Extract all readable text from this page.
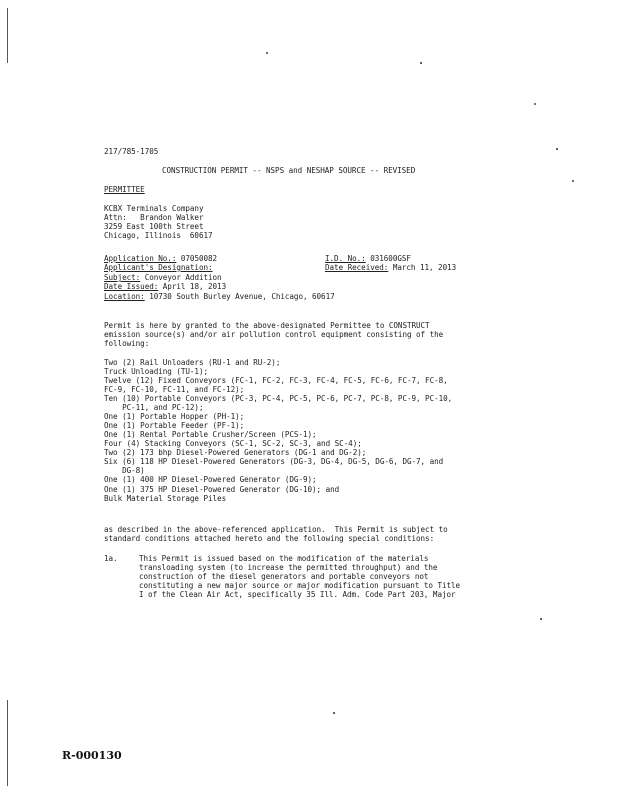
217/785-1705
CONSTRUCTION PERMIT -- NSPS and NESHAP SOURCE -- REVISED
PERMITTEE
KCBX Terminals Company
Attn:   Brandon Walker
3259 East 100th Street
Chicago, Illinois  60617
Application No.: 07050082	I.D. No.: 031600GSF
Applicant's Designation:	Date Received: March 11, 2013
Subject: Conveyor Addition
Date Issued: April 18, 2013
Location: 10730 South Burley Avenue, Chicago, 60617
Permit is here by granted to the above-designated Permittee to CONSTRUCT
emission source(s) and/or air pollution control equipment consisting of the
following:
Two (2) Rail Unloaders (RU-1 and RU-2);
Truck Unloading (TU-1);
Twelve (12) Fixed Conveyors (FC-1, FC-2, FC-3, FC-4, FC-5, FC-6, FC-7, FC-8,
FC-9, FC-10, FC-11, and FC-12);
Ten (10) Portable Conveyors (PC-3, PC-4, PC-5, PC-6, PC-7, PC-8, PC-9, PC-10,
PC-11, and PC-12);
One (1) Portable Hopper (PH-1);
One (1) Portable Feeder (PF-1);
One (1) Rental Portable Crusher/Screen (PCS-1);
Four (4) Stacking Conveyors (SC-1, SC-2, SC-3, and SC-4);
Two (2) 173 bhp Diesel-Powered Generators (DG-1 and DG-2);
Six (6) 118 HP Diesel-Powered Generators (DG-3, DG-4, DG-5, DG-6, DG-7, and
DG-8)
One (1) 400 HP Diesel-Powered Generator (DG-9);
One (1) 375 HP Diesel-Powered Generator (DG-10); and
Bulk Material Storage Piles
as described in the above-referenced application.  This Permit is subject to
standard conditions attached hereto and the following special conditions:
1a.	This Permit is issued based on the modification of the materials
transloading system (to increase the permitted throughput) and the
construction of the diesel generators and portable conveyors not
constituting a new major source or major modification pursuant to Title
I of the Clean Air Act, specifically 35 Ill. Adm. Code Part 203, Major
R-000130
